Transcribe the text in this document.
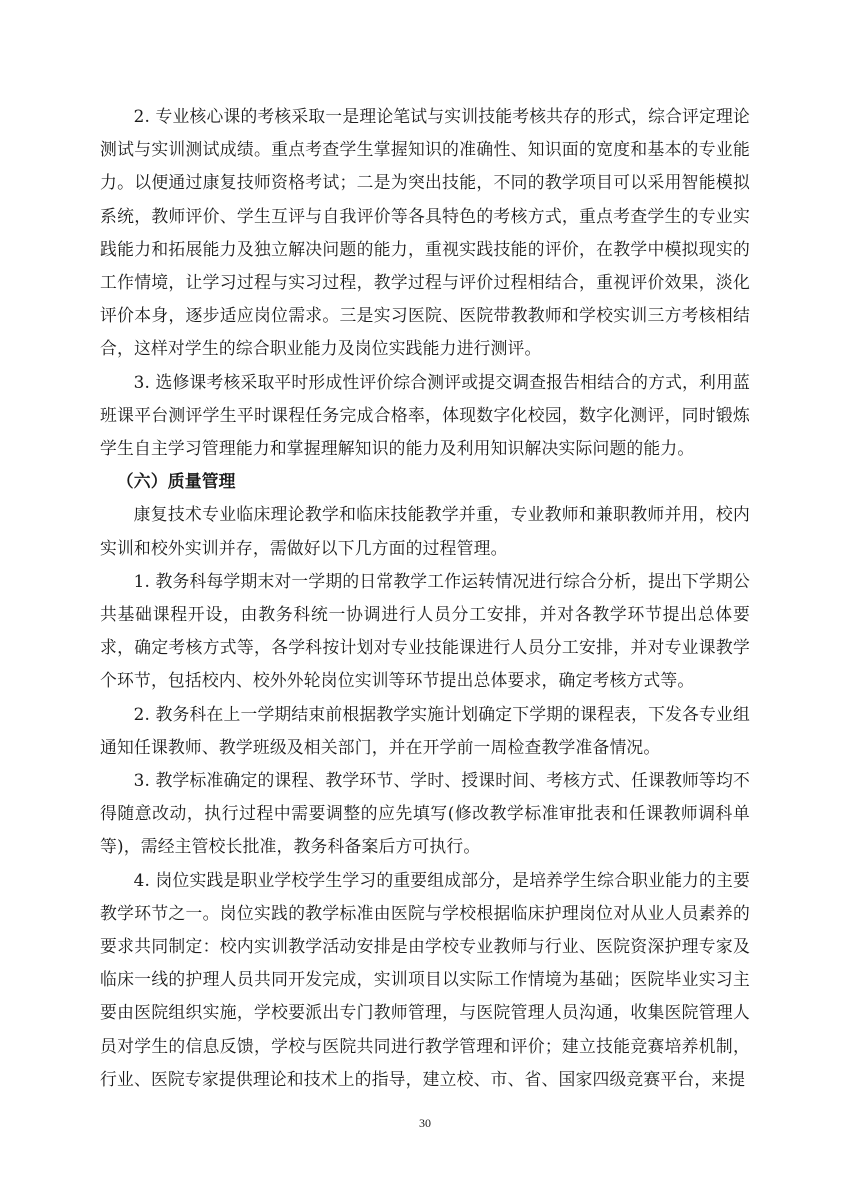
2. 专业核心课的考核采取一是理论笔试与实训技能考核共存的形式，综合评定理论测试与实训测试成绩。重点考查学生掌握知识的准确性、知识面的宽度和基本的专业能力。以便通过康复技师资格考试；二是为突出技能，不同的教学项目可以采用智能模拟系统，教师评价、学生互评与自我评价等各具特色的考核方式，重点考查学生的专业实践能力和拓展能力及独立解决问题的能力，重视实践技能的评价，在教学中模拟现实的工作情境，让学习过程与实习过程，教学过程与评价过程相结合，重视评价效果，淡化评价本身，逐步适应岗位需求。三是实习医院、医院带教教师和学校实训三方考核相结合，这样对学生的综合职业能力及岗位实践能力进行测评。

3. 选修课考核采取平时形成性评价综合测评或提交调查报告相结合的方式，利用蓝班课平台测评学生平时课程任务完成合格率，体现数字化校园，数字化测评，同时锻炼学生自主学习管理能力和掌握理解知识的能力及利用知识解决实际问题的能力。

（六）质量管理

康复技术专业临床理论教学和临床技能教学并重，专业教师和兼职教师并用，校内实训和校外实训并存，需做好以下几方面的过程管理。

1. 教务科每学期末对一学期的日常教学工作运转情况进行综合分析，提出下学期公共基础课程开设，由教务科统一协调进行人员分工安排，并对各教学环节提出总体要求，确定考核方式等，各学科按计划对专业技能课进行人员分工安排，并对专业课教学个环节，包括校内、校外外轮岗位实训等环节提出总体要求，确定考核方式等。

2. 教务科在上一学期结束前根据教学实施计划确定下学期的课程表，下发各专业组通知任课教师、教学班级及相关部门，并在开学前一周检查教学准备情况。

3. 教学标准确定的课程、教学环节、学时、授课时间、考核方式、任课教师等均不得随意改动，执行过程中需要调整的应先填写(修改教学标准审批表和任课教师调科单等)，需经主管校长批准，教务科备案后方可执行。

4. 岗位实践是职业学校学生学习的重要组成部分，是培养学生综合职业能力的主要教学环节之一。岗位实践的教学标准由医院与学校根据临床护理岗位对从业人员素养的要求共同制定：校内实训教学活动安排是由学校专业教师与行业、医院资深护理专家及临床一线的护理人员共同开发完成，实训项目以实际工作情境为基础；医院毕业实习主要由医院组织实施，学校要派出专门教师管理，与医院管理人员沟通，收集医院管理人员对学生的信息反馈，学校与医院共同进行教学管理和评价；建立技能竞赛培养机制，行业、医院专家提供理论和技术上的指导，建立校、市、省、国家四级竞赛平台，来提

30
